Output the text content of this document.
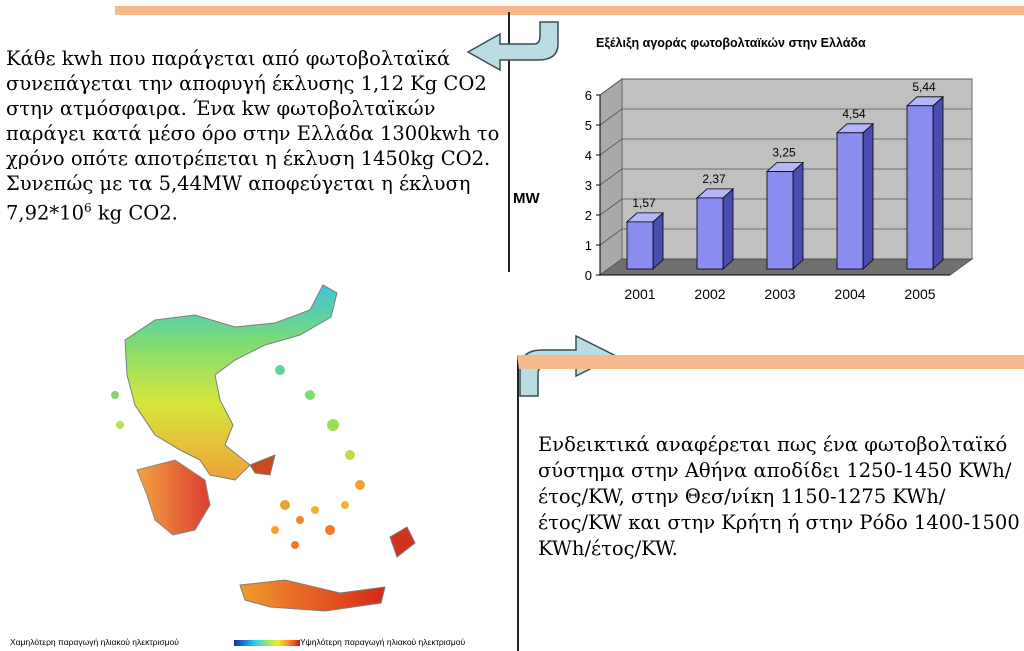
Κάθε kwh που παράγεται από φωτοβολταϊκά συνεπάγεται την αποφυγή έκλυσης 1,12 Kg CO2 στην ατμόσφαιρα. Ένα kw φωτοβολταϊκών παράγει κατά μέσο όρο στην Ελλάδα 1300kwh το χρόνο οπότε αποτρέπεται η έκλυση 1450kg CO2. Συνεπώς με τα 5,44MW αποφεύγεται η έκλυση $7,92*10^6$ kg CO2.
Εξέλιξη αγοράς φωτοβολταϊκών στην Ελλάδα
MW
0
1
2
3
4
5
6
1,57
2001
2,37
2002
3,25
2003
4,54
2004
5,44
2005
Ενδεικτικά αναφέρεται πως ένα φωτοβολταϊκό σύστημα στην Αθήνα αποδίδει 1250-1450 KWh/έτος/KW, στην Θεσ/νίκη 1150-1275 KWh/έτος/KW και στην Κρήτη ή στην Ρόδο 1400-1500 KWh/έτος/KW.
Χαμηλότερη παραγωγή ηλιακού ηλεκτρισμού	Υψηλότερη παραγωγή ηλιακού ηλεκτρισμού
